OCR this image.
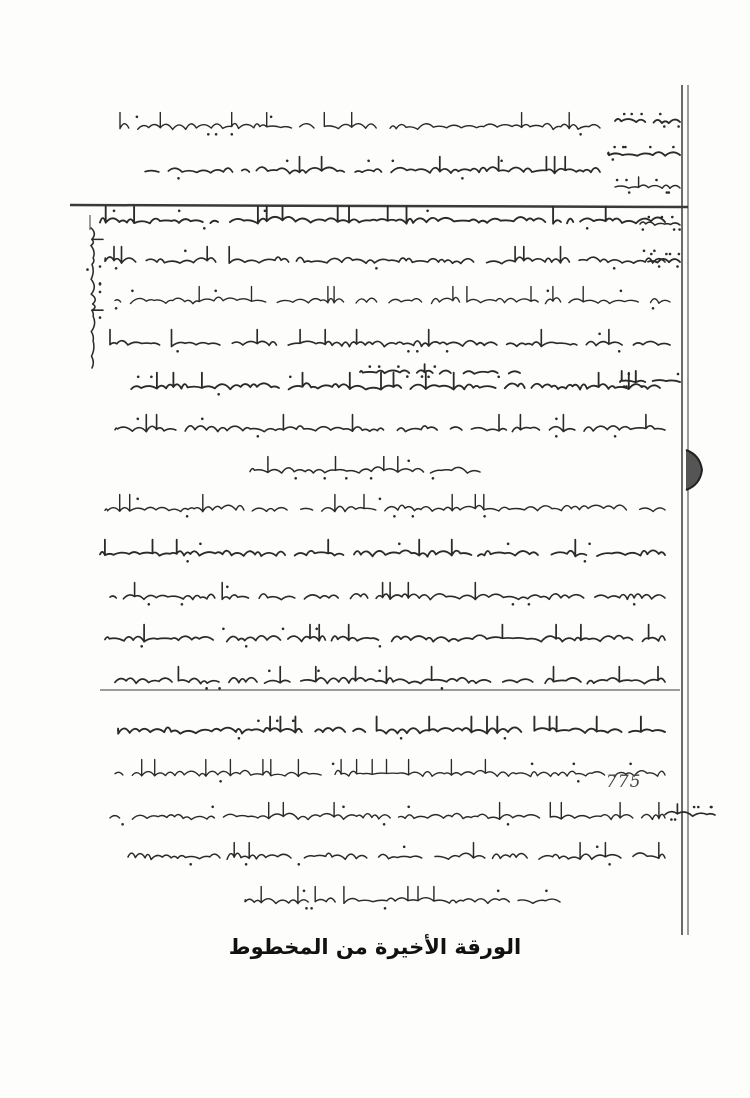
775
الورقة الأخيرة من المخطوط
